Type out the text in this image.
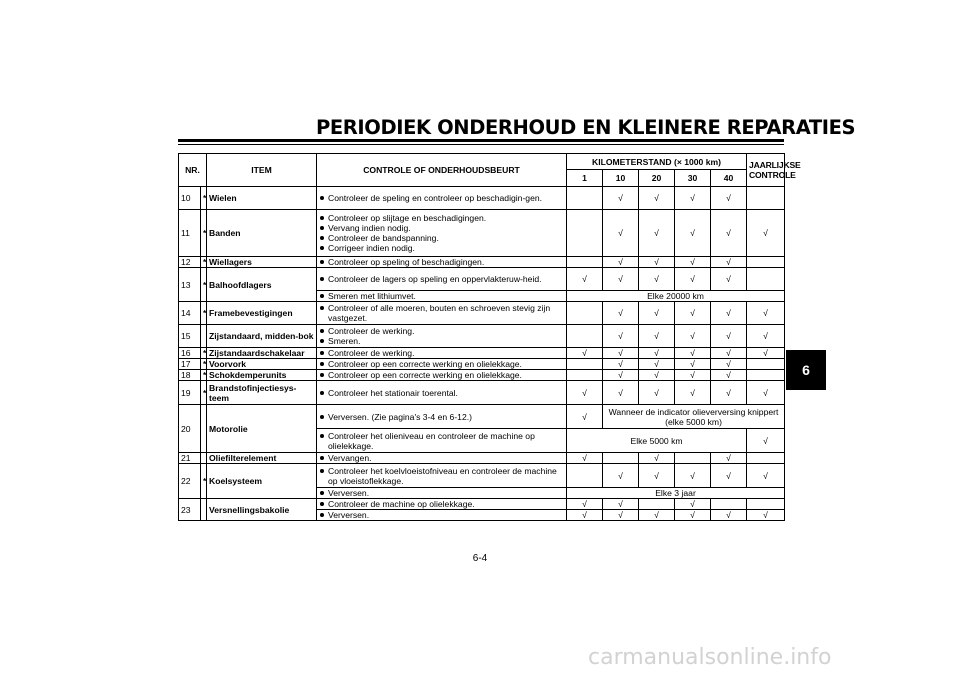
PERIODIEK ONDERHOUD EN KLEINERE REPARATIES
NR.		ITEM	CONTROLE OF ONDERHOUDSBEURT	KILOMETERSTAND (× 1000 km)					JAARLIJKSE CONTROLE
				1	10	20	30	40	
10	*	Wielen	Controleer de speling en controleer op beschadigin-gen.		√	√	√	√	
11	*	Banden	Controleer op slijtage en beschadigingen.
Vervang indien nodig.
Controleer de bandspanning.
Corrigeer indien nodig.		√	√	√	√	√
12	*	Wiellagers	Controleer op speling of beschadigingen.		√	√	√	√	
13	*	Balhoofdlagers	Controleer de lagers op speling en oppervlakteruw-heid.	√	√	√	√	√	

			Smeren met lithiumvet.	Elke 20000 km					
14	*	Framebevestigingen	Controleer of alle moeren, bouten en schroeven stevig zijn vastgezet.		√	√	√	√	√
15		Zijstandaard, midden-bok	Controleer de werking.
Smeren.		√	√	√	√	√
16	*	Zijstandaardschakelaar	Controleer de werking.	√	√	√	√	√	√
17	*	Voorvork	Controleer op een correcte werking en olielekkage.		√	√	√	√	
18	*	Schokdemperunits	Controleer op een correcte werking en olielekkage.		√	√	√	√	
19	*	Brandstofinjectiesys-teem	Controleer het stationair toerental.	√	√	√	√	√	√
20		Motorolie	Verversen. (Zie pagina's 3-4 en 6-12.)	√	Wanneer de indicator olieverversing knippert (elke 5000 km)				

			Controleer het olieniveau en controleer de machine op olielekkage.	Elke 5000 km					√
21		Oliefilterelement	Vervangen.	√		√		√	
22	*	Koelsysteem	Controleer het koelvloeistofniveau en controleer de machine op vloeistoflekkage.		√	√	√	√	√

			Verversen.	Elke 3 jaar					
23		Versnellingsbakolie	Controleer de machine op olielekkage.	√	√		√		

			Verversen.	√	√	√	√	√	√
6
6-4
carmanualsonline.info
